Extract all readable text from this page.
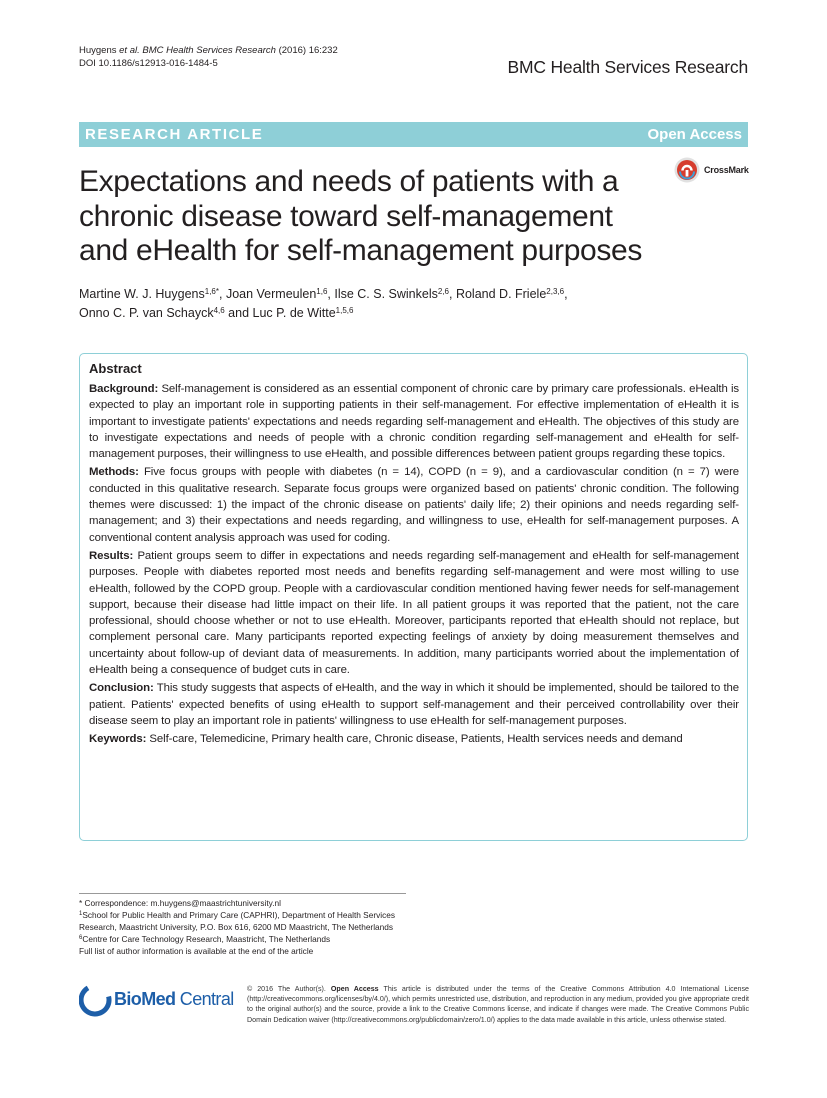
Huygens et al. BMC Health Services Research (2016) 16:232
DOI 10.1186/s12913-016-1484-5	BMC Health Services Research
RESEARCH ARTICLE	Open Access
Expectations and needs of patients with a chronic disease toward self-management and eHealth for self-management purposes
CrossMark
Martine W. J. Huygens$^{1,6*}$, Joan Vermeulen$^{1,6}$, Ilse C. S. Swinkels$^{2,6}$, Roland D. Friele$^{2,3,6}$,
Onno C. P. van Schayck$^{4,6}$ and Luc P. de Witte$^{1,5,6}$
Abstract

Background: Self-management is considered as an essential component of chronic care by primary care professionals. eHealth is expected to play an important role in supporting patients in their self-management. For effective implementation of eHealth it is important to investigate patients' expectations and needs regarding self-management and eHealth. The objectives of this study are to investigate expectations and needs of people with a chronic condition regarding self-management and eHealth for self-management purposes, their willingness to use eHealth, and possible differences between patient groups regarding these topics.

Methods: Five focus groups with people with diabetes (n = 14), COPD (n = 9), and a cardiovascular condition (n = 7) were conducted in this qualitative research. Separate focus groups were organized based on patients' chronic condition. The following themes were discussed: 1) the impact of the chronic disease on patients' daily life; 2) their opinions and needs regarding self-management; and 3) their expectations and needs regarding, and willingness to use, eHealth for self-management purposes. A conventional content analysis approach was used for coding.

Results: Patient groups seem to differ in expectations and needs regarding self-management and eHealth for self-management purposes. People with diabetes reported most needs and benefits regarding self-management and were most willing to use eHealth, followed by the COPD group. People with a cardiovascular condition mentioned having fewer needs for self-management support, because their disease had little impact on their life. In all patient groups it was reported that the patient, not the care professional, should choose whether or not to use eHealth. Moreover, participants reported that eHealth should not replace, but complement personal care. Many participants reported expecting feelings of anxiety by doing measurement themselves and uncertainty about follow-up of deviant data of measurements. In addition, many participants worried about the implementation of eHealth being a consequence of budget cuts in care.

Conclusion: This study suggests that aspects of eHealth, and the way in which it should be implemented, should be tailored to the patient. Patients' expected benefits of using eHealth to support self-management and their perceived controllability over their disease seem to play an important role in patients' willingness to use eHealth for self-management purposes.

Keywords: Self-care, Telemedicine, Primary health care, Chronic disease, Patients, Health services needs and demand

* Correspondence: m.huygens@maastrichtuniversity.nl

$^1$School for Public Health and Primary Care (CAPHRI), Department of Health Services Research, Maastricht University, P.O. Box 616, 6200 MD Maastricht, The Netherlands

$^6$Centre for Care Technology Research, Maastricht, The Netherlands

Full list of author information is available at the end of the article

BioMed Central © 2016 The Author(s). Open Access This article is distributed under the terms of the Creative Commons Attribution 4.0 International License (http://creativecommons.org/licenses/by/4.0/), which permits unrestricted use, distribution, and reproduction in any medium, provided you give appropriate credit to the original author(s) and the source, provide a link to the Creative Commons license, and indicate if changes were made. The Creative Commons Public Domain Dedication waiver (http://creativecommons.org/publicdomain/zero/1.0/) applies to the data made available in this article, unless otherwise stated.
